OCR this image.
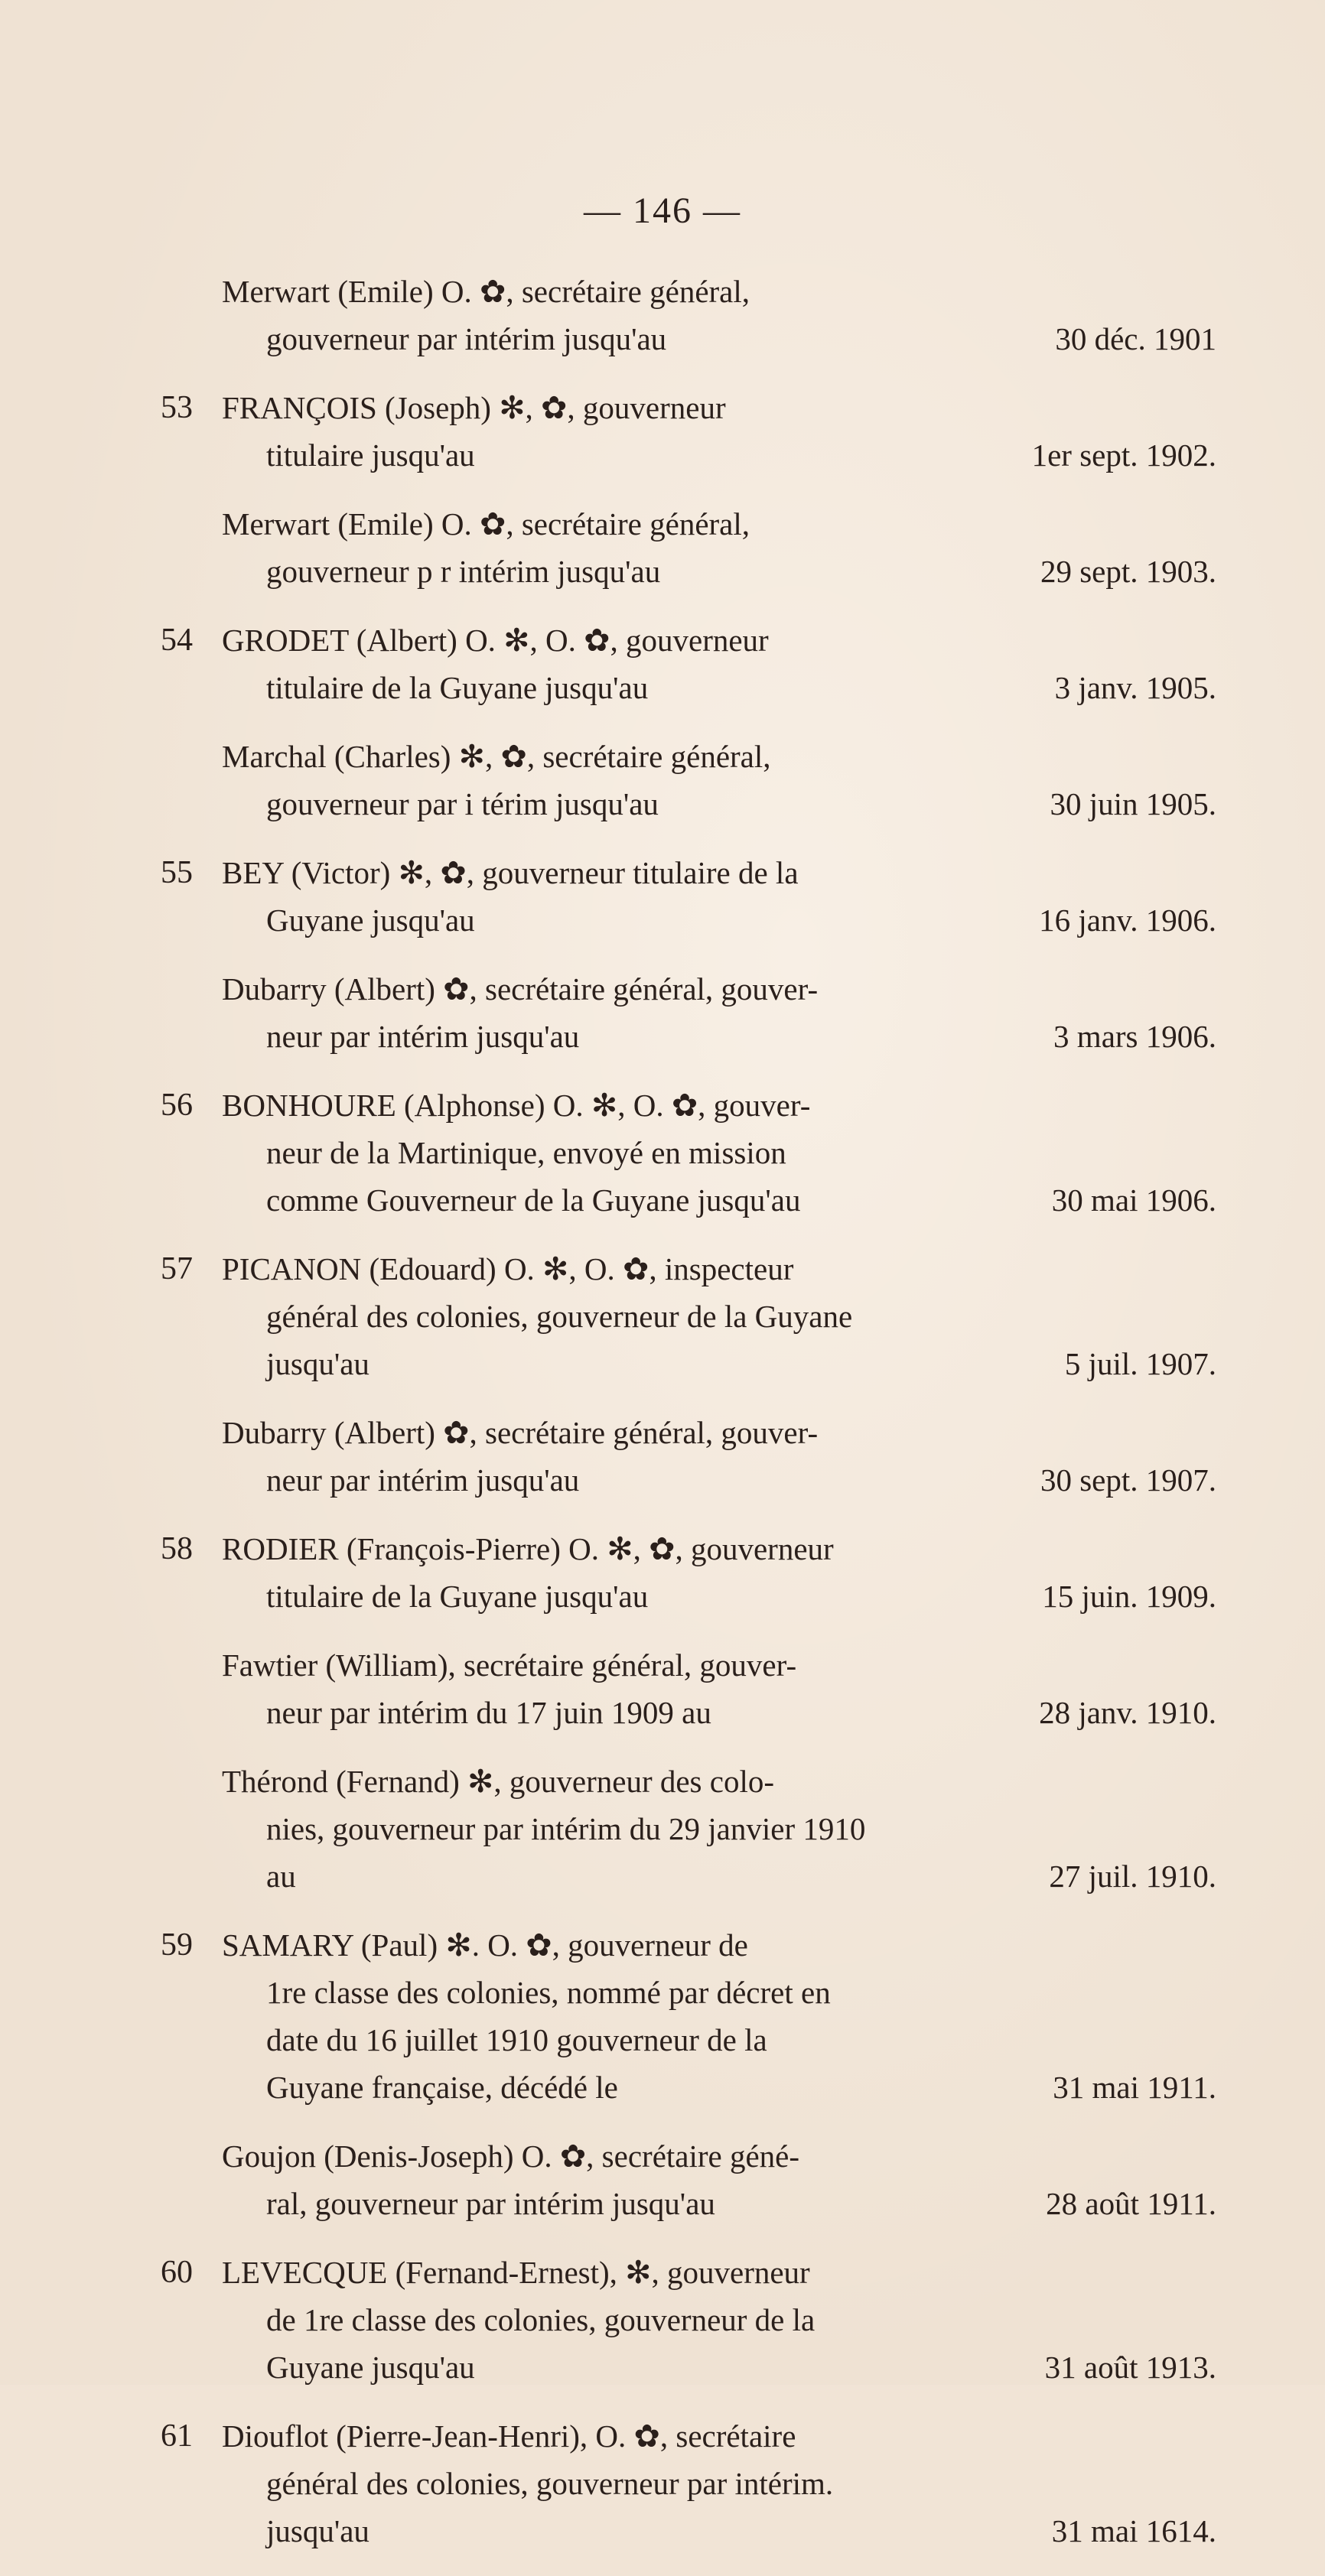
— 146 —
Merwart (Emile) O. ✿, secrétaire général,
gouverneur par intérim jusqu'au	30 déc. 1901
53 FRANÇOIS (Joseph) ✻, ✿, gouverneur
titulaire jusqu'au	1er sept. 1902.
Merwart (Emile) O. ✿, secrétaire général,
gouverneur p r intérim jusqu'au	29 sept. 1903.
54 GRODET (Albert) O. ✻, O. ✿, gouverneur
titulaire de la Guyane jusqu'au	3 janv. 1905.
Marchal (Charles) ✻, ✿, secrétaire général,
gouverneur par i térim jusqu'au	30 juin 1905.
55 BEY (Victor) ✻, ✿, gouverneur titulaire de la
Guyane jusqu'au	16 janv. 1906.
Dubarry (Albert) ✿, secrétaire général, gouver-
neur par intérim jusqu'au	3 mars 1906.
56 BONHOURE (Alphonse) O. ✻, O. ✿, gouver-
neur de la Martinique, envoyé en mission
comme Gouverneur de la Guyane jusqu'au	30 mai 1906.
57 PICANON (Edouard) O. ✻, O. ✿, inspecteur
général des colonies, gouverneur de la Guyane
jusqu'au	5 juil. 1907.
Dubarry (Albert) ✿, secrétaire général, gouver-
neur par intérim jusqu'au	30 sept. 1907.
58 RODIER (François-Pierre) O. ✻, ✿, gouverneur
titulaire de la Guyane jusqu'au	15 juin. 1909.
Fawtier (William), secrétaire général, gouver-
neur par intérim du 17 juin 1909 au	28 janv. 1910.
Thérond (Fernand) ✻, gouverneur des colo-
nies, gouverneur par intérim du 29 janvier 1910
au	27 juil. 1910.
59 SAMARY (Paul) ✻. O. ✿, gouverneur de
1re classe des colonies, nommé par décret en
date du 16 juillet 1910 gouverneur de la
Guyane française, décédé le	31 mai 1911.
Goujon (Denis-Joseph) O. ✿, secrétaire géné-
ral, gouverneur par intérim jusqu'au	28 août 1911.
60 LEVECQUE (Fernand-Ernest), ✻, gouverneur
de 1re classe des colonies, gouverneur de la
Guyane jusqu'au	31 août 1913.
61 Diouflot (Pierre-Jean-Henri), O. ✿, secrétaire
général des colonies, gouverneur par intérim.
jusqu'au	31 mai 1614.
